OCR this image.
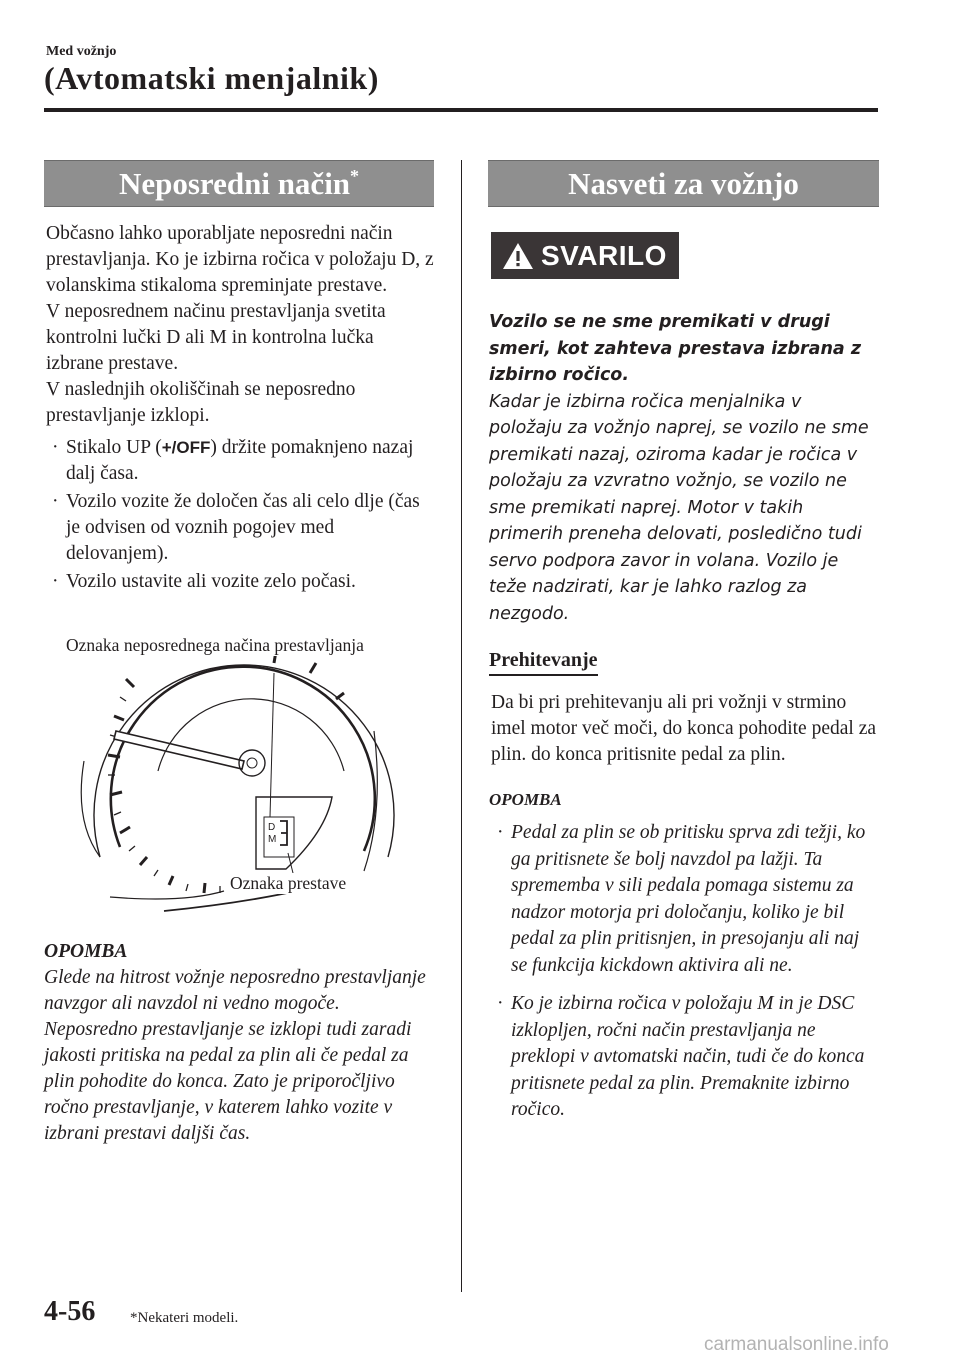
Med vožnjo
(Avtomatski menjalnik)
Neposredni način*
Občasno lahko uporabljate neposredni način prestavljanja. Ko je izbirna ročica v položaju D, z volanskima stikaloma spreminjate prestave.
V neposrednem načinu prestavljanja svetita kontrolni lučki D ali M in kontrolna lučka izbrane prestave.
V naslednjih okoliščinah se neposredno prestavljanje izklopi.
· Stikalo UP (+/OFF) držite pomaknjeno nazaj dalj časa.
· Vozilo vozite že določen čas ali celo dlje (čas je odvisen od voznih pogojev med delovanjem).
· Vozilo ustavite ali vozite zelo počasi.
D
M
Oznaka neposrednega načina prestavljanja
Oznaka prestave
OPOMBA
Glede na hitrost vožnje neposredno prestavljanje navzgor ali navzdol ni vedno mogoče. Neposredno prestavljanje se izklopi tudi zaradi jakosti pritiska na pedal za plin ali če pedal za plin pohodite do konca. Zato je priporočljivo ročno prestavljanje, v katerem lahko vozite v izbrani prestavi daljši čas.
Nasveti za vožnjo
SVARILO
Vozilo se ne sme premikati v drugi smeri, kot zahteva prestava izbrana z izbirno ročico.
Kadar je izbirna ročica menjalnika v položaju za vožnjo naprej, se vozilo ne sme premikati nazaj, oziroma kadar je ročica v položaju za vzvratno vožnjo, se vozilo ne sme premikati naprej. Motor v takih primerih preneha delovati, posledično tudi servo podpora zavor in volana. Vozilo je teže nadzirati, kar je lahko razlog za nezgodo.
Prehitevanje
Da bi pri prehitevanju ali pri vožnji v strmino imel motor več moči, do konca pohodite pedal za plin. do konca pritisnite pedal za plin.
OPOMBA
· Pedal za plin se ob pritisku sprva zdi težji, ko ga pritisnete še bolj navzdol pa lažji. Ta sprememba v sili pedala pomaga sistemu za nadzor motorja pri določanju, koliko je bil pedal za plin pritisnjen, in presojanju ali naj se funkcija kickdown aktivira ali ne.
· Ko je izbirna ročica v položaju M in je DSC izklopljen, ročni način prestavljanja ne preklopi v avtomatski način, tudi če do konca pritisnete pedal za plin. Premaknite izbirno ročico.
4-56 *Nekateri modeli.
carmanualsonline.info
